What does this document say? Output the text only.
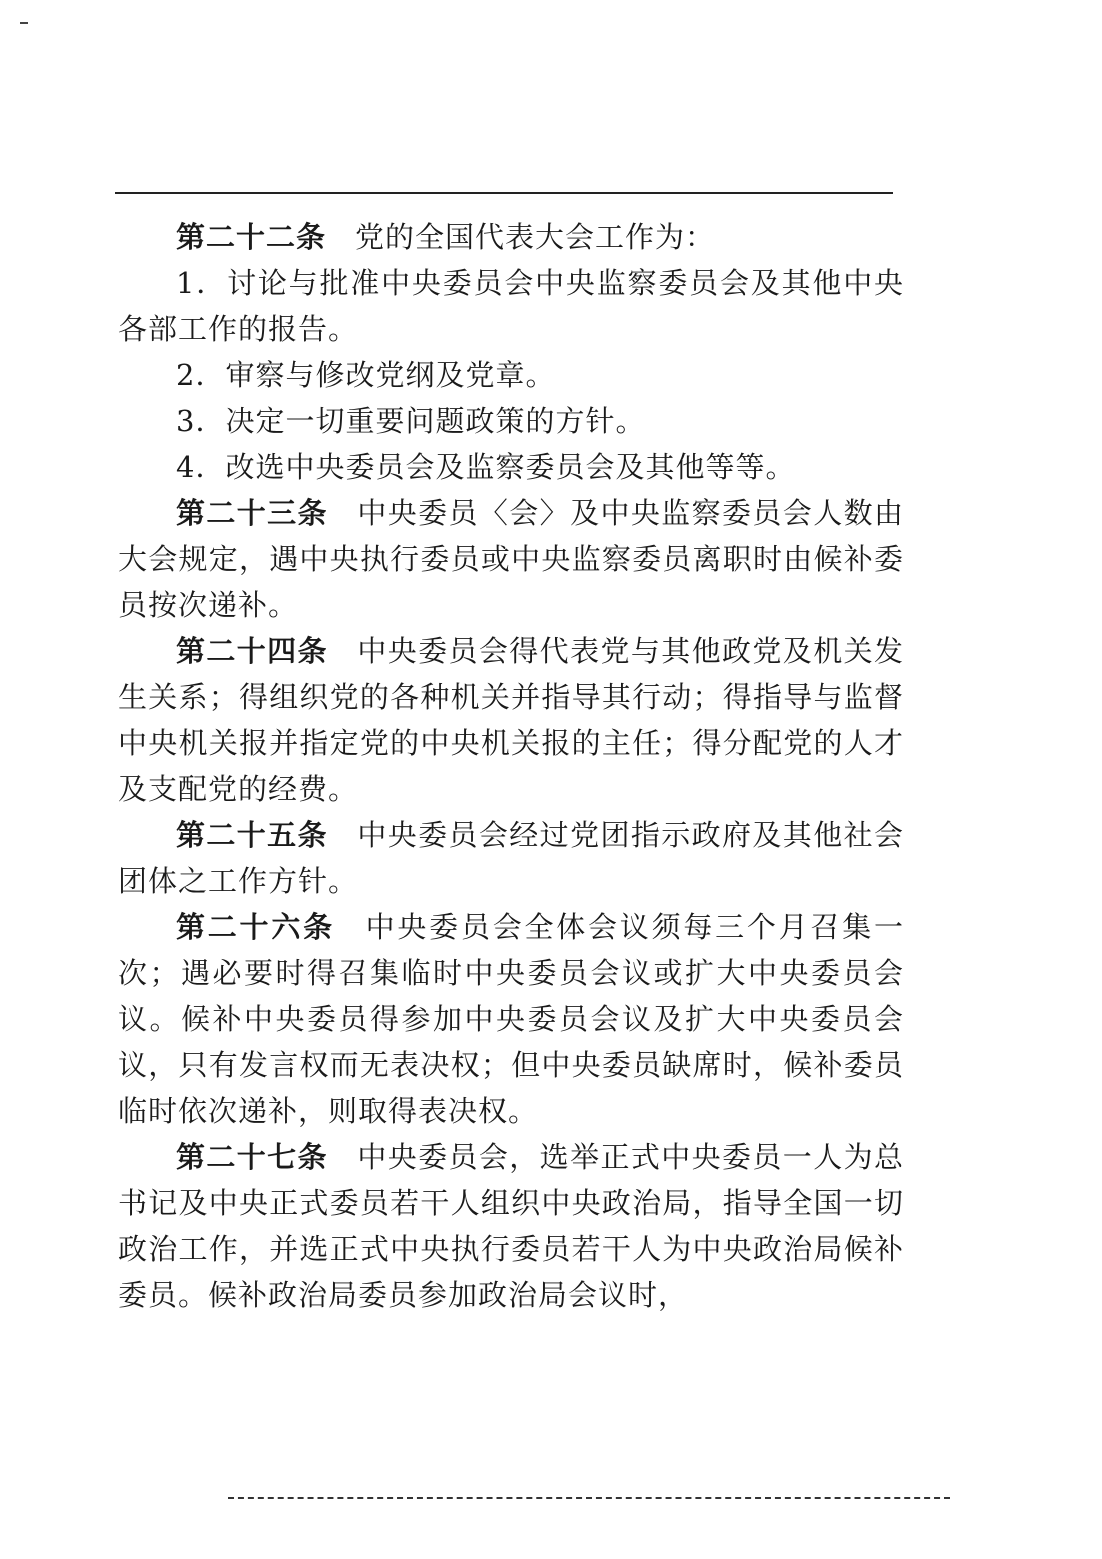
第二十二条 党的全国代表大会工作为：

1．讨论与批准中央委员会中央监察委员会及其他中央各部工作的报告。

2．审察与修改党纲及党章。

3．决定一切重要问题政策的方针。

4．改选中央委员会及监察委员会及其他等等。

第二十三条 中央委员〈会〉及中央监察委员会人数由大会规定，遇中央执行委员或中央监察委员离职时由候补委员按次递补。

第二十四条 中央委员会得代表党与其他政党及机关发生关系；得组织党的各种机关并指导其行动；得指导与监督中央机关报并指定党的中央机关报的主任；得分配党的人才及支配党的经费。

第二十五条 中央委员会经过党团指示政府及其他社会团体之工作方针。

第二十六条 中央委员会全体会议须每三个月召集一次；遇必要时得召集临时中央委员会议或扩大中央委员会议。候补中央委员得参加中央委员会议及扩大中央委员会议，只有发言权而无表决权；但中央委员缺席时，候补委员临时依次递补，则取得表决权。

第二十七条 中央委员会，选举正式中央委员一人为总书记及中央正式委员若干人组织中央政治局，指导全国一切政治工作，并选正式中央执行委员若干人为中央政治局候补委员。候补政治局委员参加政治局会议时，
